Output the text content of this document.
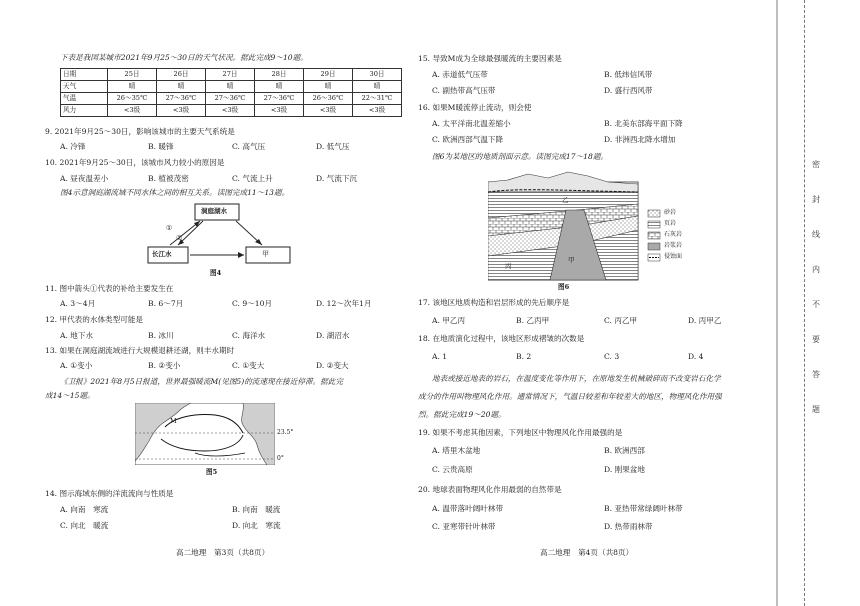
下表是我国某城市2021年9月25～30日的天气状况。据此完成9～10题。
日期	25日	26日	27日	28日	29日	30日
天气	晴	晴	晴	晴	晴	晴
气温	26～35℃	27～36℃	27～36℃	27～36℃	26～36℃	22～31℃
风力	<3级	<3级	<3级	<3级	<3级	<3级
9. 2021年9月25～30日，影响该城市的主要天气系统是
A. 冷锋	B. 暖锋	C. 高气压	D. 低气压
10. 2021年9月25～30日，该城市风力较小的原因是
A. 昼夜温差小	B. 植被茂密	C. 气流上升	D. 气流下沉
图4示意洞庭湖流域不同水体之间的相互关系。读图完成11～13题。
洞庭湖水
长江水	甲
①
②
图4
11. 图中箭头①代表的补给主要发生在
A. 3～4月	B. 6～7月	C. 9～10月	D. 12～次年1月
12. 甲代表的水体类型可能是
A. 地下水	B. 冰川	C. 海洋水	D. 湖沼水
13. 如果在洞庭湖流域进行大规模退耕还湖，则丰水期时
A. ①变小	B. ②变小	C. ①变大	D. ②变大
《卫报》2021年8月5日报道，世界最强暖流M(见图5)的流速现在接近停滞。据此完
成14～15题。
M
23.5°
0°
图5
14. 图示海域东侧的洋流流向与性质是
A. 向南　寒流	B. 向南　暖流
C. 向北　暖流	D. 向北　寒流
高二地理　第3页（共8页）
15. 导致M成为全球最强暖流的主要因素是
A. 赤道低气压带	B. 低纬信风带
C. 副热带高气压带	D. 盛行西风带
16. 如果M暖流停止流动，则会使
A. 太平洋南北温差缩小	B. 北美东部海平面下降
C. 欧洲西部气温下降	D. 非洲西北降水增加
图6为某地区的地质剖面示意。读图完成17～18题。
乙
丙
甲
砂岩
页岩
石灰岩
岩浆岩
侵蚀面
图6
17. 该地区地质构造和岩层形成的先后顺序是
A. 甲乙丙	B. 乙丙甲	C. 丙乙甲	D. 丙甲乙
18. 在地质演化过程中，该地区形成褶皱的次数是
A. 1	B. 2	C. 3	D. 4
地表或接近地表的岩石，在温度变化等作用下，在原地发生机械破碎而不改变岩石化学
成分的作用叫物理风化作用。通常情况下，气温日较差和年较差大的地区，物理风化作用强
烈。据此完成19～20题。
19. 如果不考虑其他因素，下列地区中物理风化作用最强的是
A. 塔里木盆地	B. 欧洲西部
C. 云贵高原	D. 刚果盆地
20. 地球表面物理风化作用最弱的自然带是
A. 温带落叶阔叶林带	B. 亚热带常绿阔叶林带
C. 亚寒带针叶林带	D. 热带雨林带
高二地理　第4页（共8页）
密
封
线
内
不
要
答
题
